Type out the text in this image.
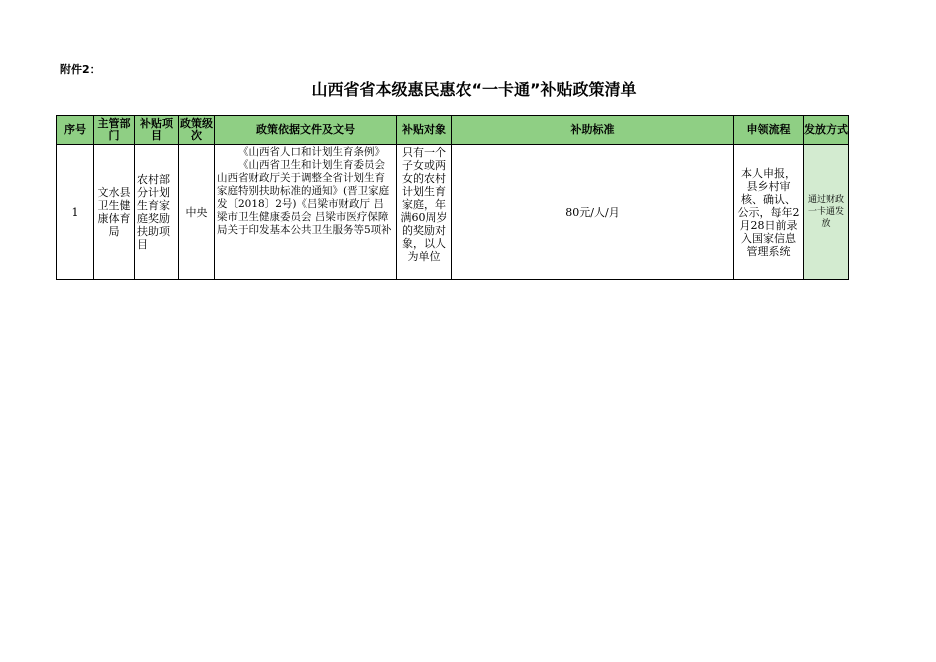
附件2：
山西省省本级惠民惠农“一卡通”补贴政策清单
序号	主管部门	补贴项目	政策级次	政策依据文件及文号	补贴对象	补助标准	申领流程	发放方式

1	文水县卫生健康体育局	农村部分计划生育家庭奖励扶助项目	中央	《山西省人口和计划生育条例》

《山西省卫生和计划生育委员会山西省财政厅关于调整全省计划生育家庭特别扶助标准的通知》(晋卫家庭发〔2018〕2号)《吕梁市财政厅 吕梁市卫生健康委员会 吕梁市医疗保障局关于印发基本公共卫生服务等5项补	只有一个子女或两女的农村计划生育家庭，年满60周岁的奖励对象，以人为单位	80元/人/月	本人申报，县乡村审核、确认、公示，每年2月28日前录入国家信息管理系统	通过财政一卡通发放
